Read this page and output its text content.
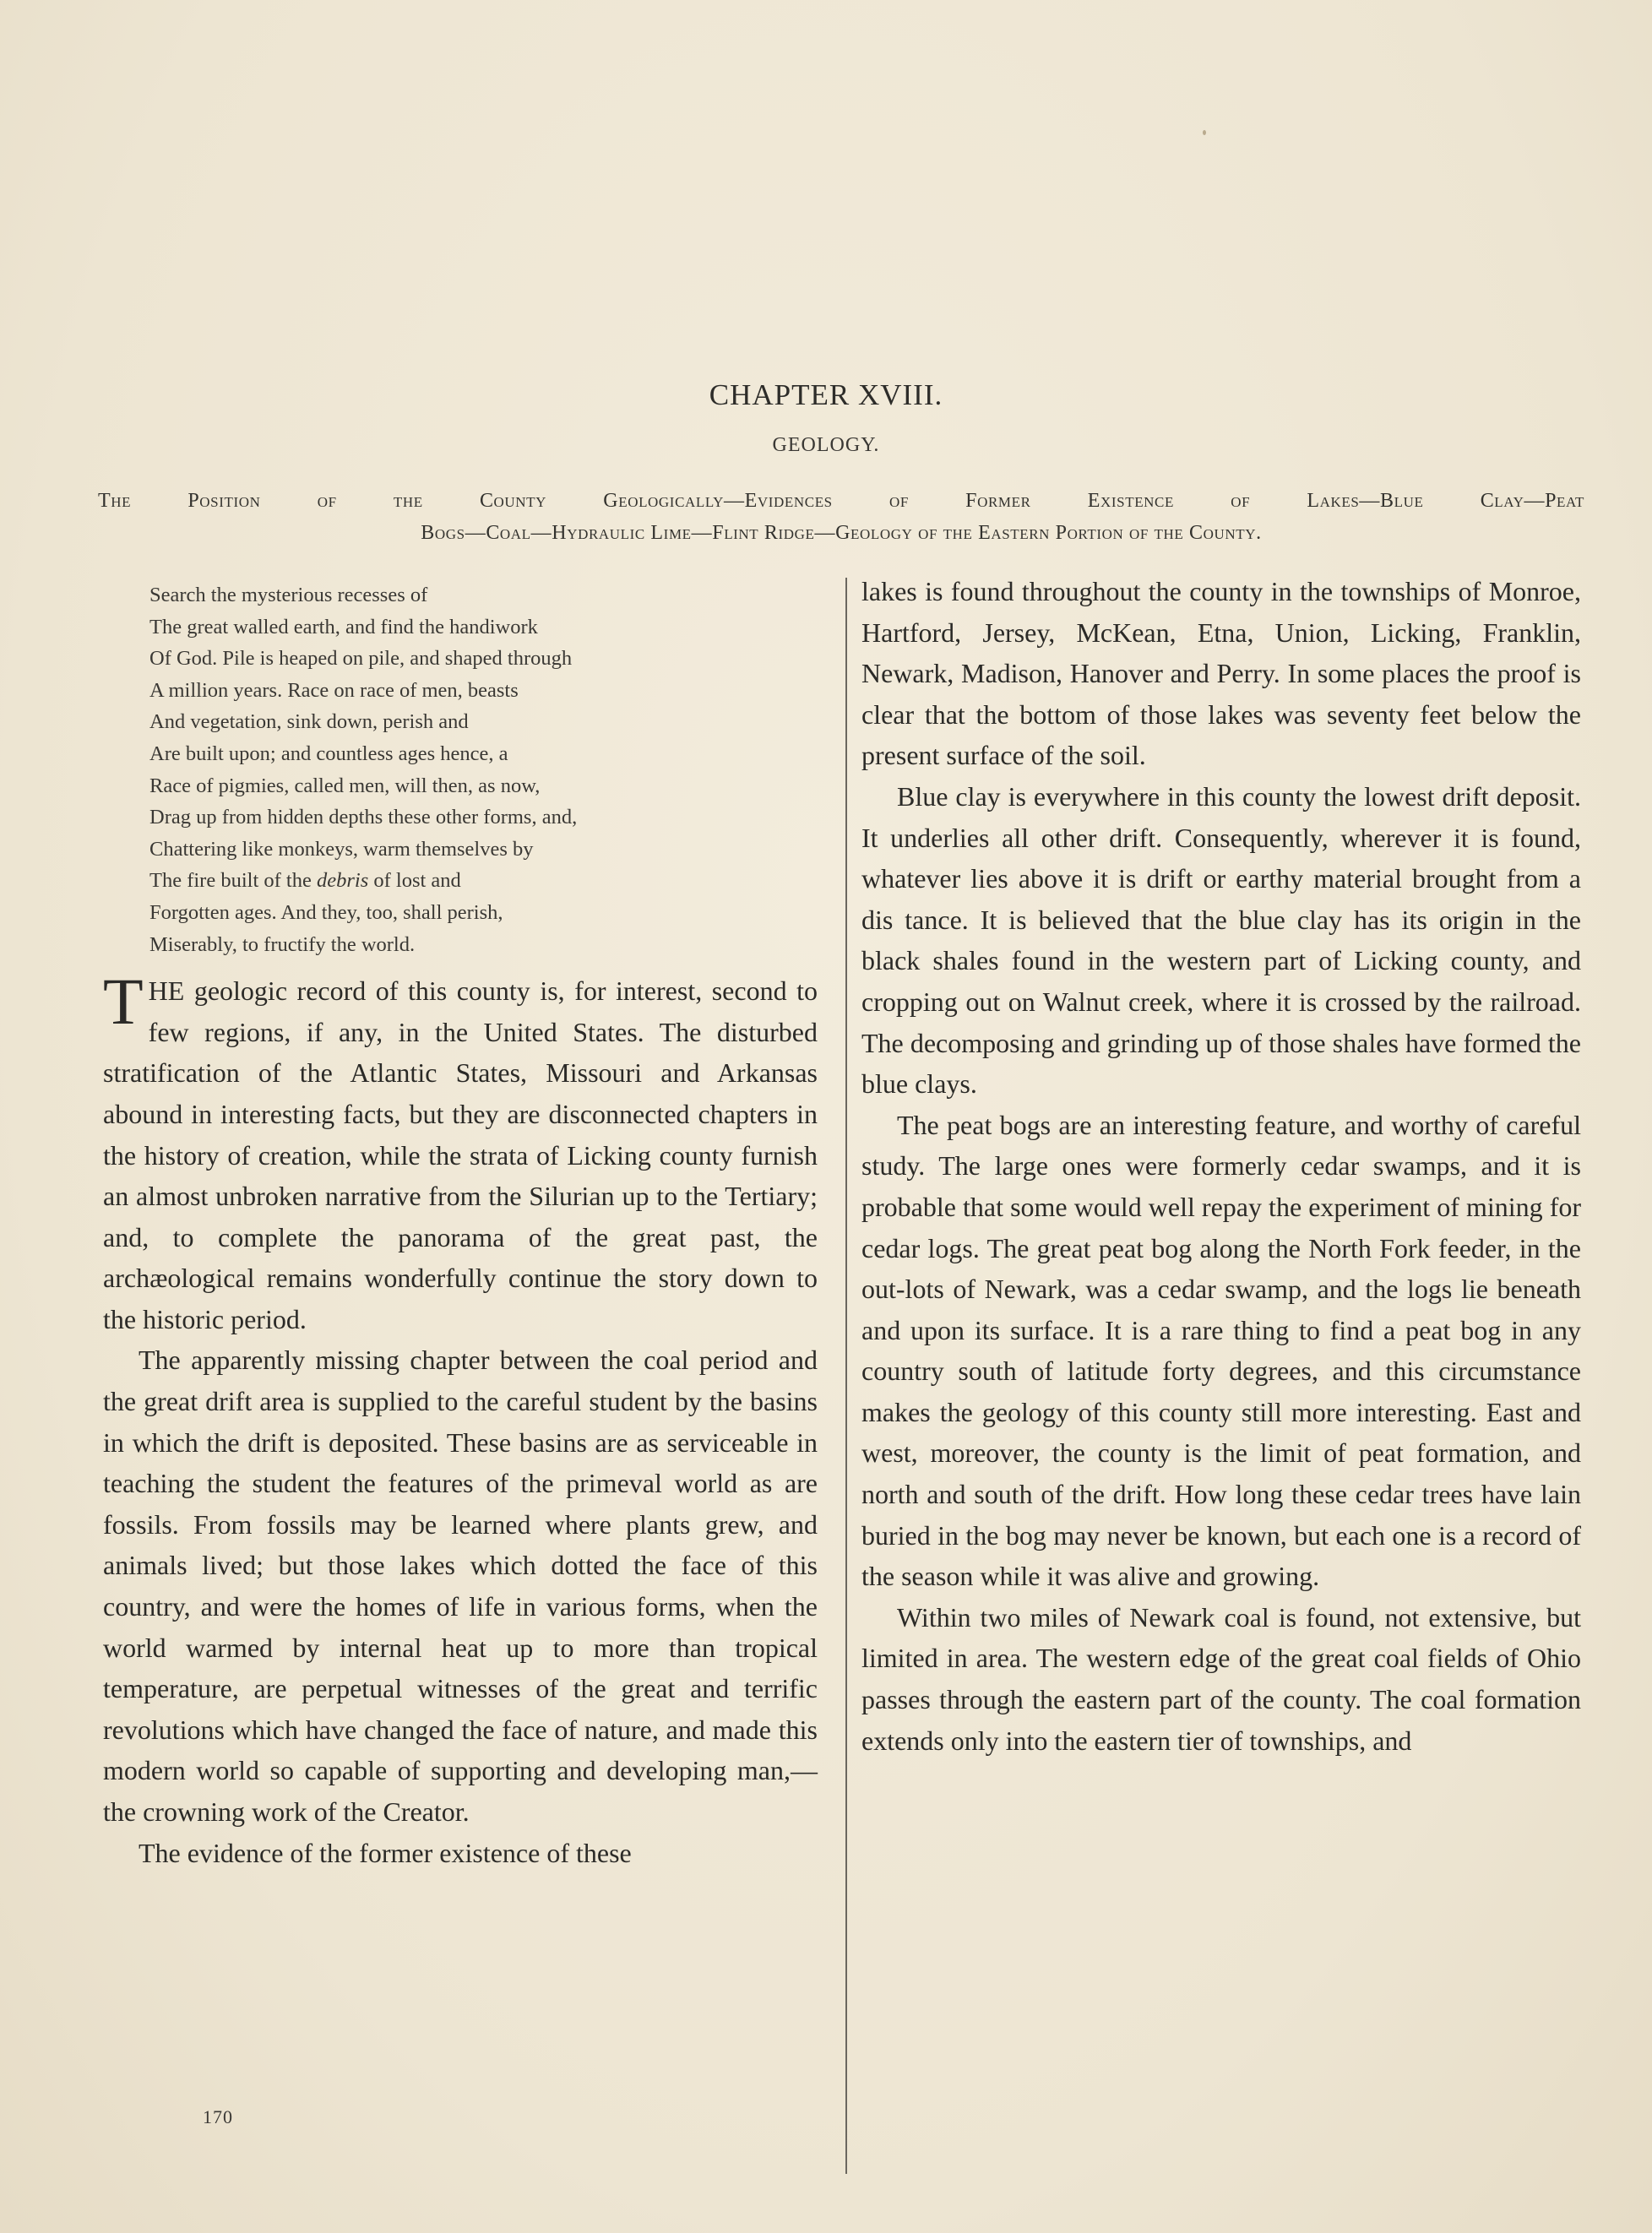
CHAPTER XVIII.
GEOLOGY.
The Position of the County Geologically—Evidences of Former Existence of Lakes—Blue Clay—Peat
Bogs—Coal—Hydraulic Lime—Flint Ridge—Geology of the Eastern Portion of the County.
Search the mysterious recesses of
The great walled earth, and find the handiwork
Of God. Pile is heaped on pile, and shaped through
A million years. Race on race of men, beasts
And vegetation, sink down, perish and
Are built upon; and countless ages hence, a
Race of pigmies, called men, will then, as now,
Drag up from hidden depths these other forms, and,
Chattering like monkeys, warm themselves by
The fire built of the debris of lost and
Forgotten ages. And they, too, shall perish,
Miserably, to fructify the world.

THE geologic record of this county is, for interest, second to few regions, if any, in the United States. The disturbed stratification of the Atlantic States, Missouri and Arkansas abound in interesting facts, but they are disconnected chapters in the history of creation, while the strata of Licking county furnish an almost unbroken narrative from the Silurian up to the Tertiary; and, to complete the panorama of the great past, the archæological remains wonderfully continue the story down to the historic period.

The apparently missing chapter between the coal period and the great drift area is supplied to the careful student by the basins in which the drift is deposited. These basins are as serviceable in teaching the student the features of the primeval world as are fossils. From fossils may be learned where plants grew, and animals lived; but those lakes which dotted the face of this country, and were the homes of life in various forms, when the world warmed by internal heat up to more than tropical temperature, are perpetual witnesses of the great and terrific revolutions which have changed the face of nature, and made this modern world so capable of supporting and developing man,—the crowning work of the Creator.

The evidence of the former existence of these

lakes is found throughout the county in the townships of Monroe, Hartford, Jersey, McKean, Etna, Union, Licking, Franklin, Newark, Madison, Hanover and Perry. In some places the proof is clear that the bottom of those lakes was seventy feet below the present surface of the soil.

Blue clay is everywhere in this county the lowest drift deposit. It underlies all other drift. Consequently, wherever it is found, whatever lies above it is drift or earthy material brought from a dis tance. It is believed that the blue clay has its origin in the black shales found in the western part of Licking county, and cropping out on Walnut creek, where it is crossed by the railroad. The decomposing and grinding up of those shales have formed the blue clays.

The peat bogs are an interesting feature, and worthy of careful study. The large ones were formerly cedar swamps, and it is probable that some would well repay the experiment of mining for cedar logs. The great peat bog along the North Fork feeder, in the out-lots of Newark, was a cedar swamp, and the logs lie beneath and upon its surface. It is a rare thing to find a peat bog in any country south of latitude forty degrees, and this circumstance makes the geology of this county still more interesting. East and west, moreover, the county is the limit of peat formation, and north and south of the drift. How long these cedar trees have lain buried in the bog may never be known, but each one is a record of the season while it was alive and growing.

Within two miles of Newark coal is found, not extensive, but limited in area. The western edge of the great coal fields of Ohio passes through the eastern part of the county. The coal formation extends only into the eastern tier of townships, and

170
